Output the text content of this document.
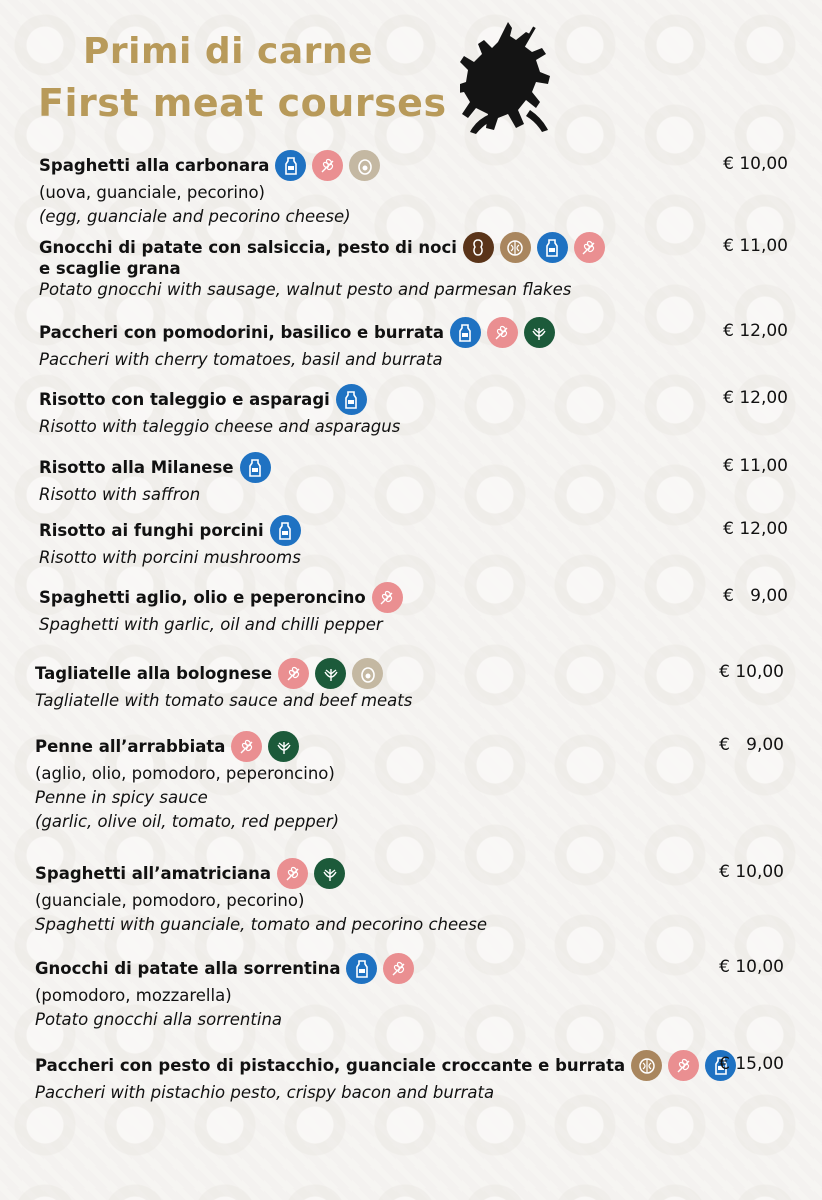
Primi di carne
First meat courses
Spaghetti alla carbonara
(uova, guanciale, pecorino)
(egg, guanciale and pecorino cheese)
€ 10,00
Gnocchi di patate con salsiccia, pesto di noci
e scaglie grana
Potato gnocchi with sausage, walnut pesto and parmesan flakes
€ 11,00
Paccheri con pomodorini, basilico e burrata
Paccheri with cherry tomatoes, basil and burrata
€ 12,00
Risotto con taleggio e asparagi
Risotto with taleggio cheese and asparagus
€ 12,00
Risotto alla Milanese
Risotto with saffron
€ 11,00
Risotto ai funghi porcini
Risotto with porcini mushrooms
€ 12,00
Spaghetti aglio, olio e peperoncino
Spaghetti with garlic, oil and chilli pepper
€   9,00
Tagliatelle alla bolognese
Tagliatelle with tomato sauce and beef meats
€ 10,00
Penne all’arrabbiata
(aglio, olio, pomodoro, peperoncino)
Penne in spicy sauce
(garlic, olive oil, tomato, red pepper)
€   9,00
Spaghetti all’amatriciana
(guanciale, pomodoro, pecorino)
Spaghetti with guanciale, tomato and pecorino cheese
€ 10,00
Gnocchi di patate alla sorrentina
(pomodoro, mozzarella)
Potato gnocchi alla sorrentina
€ 10,00
Paccheri con pesto di pistacchio, guanciale croccante e burrata
Paccheri with pistachio pesto, crispy bacon and burrata
€ 15,00
